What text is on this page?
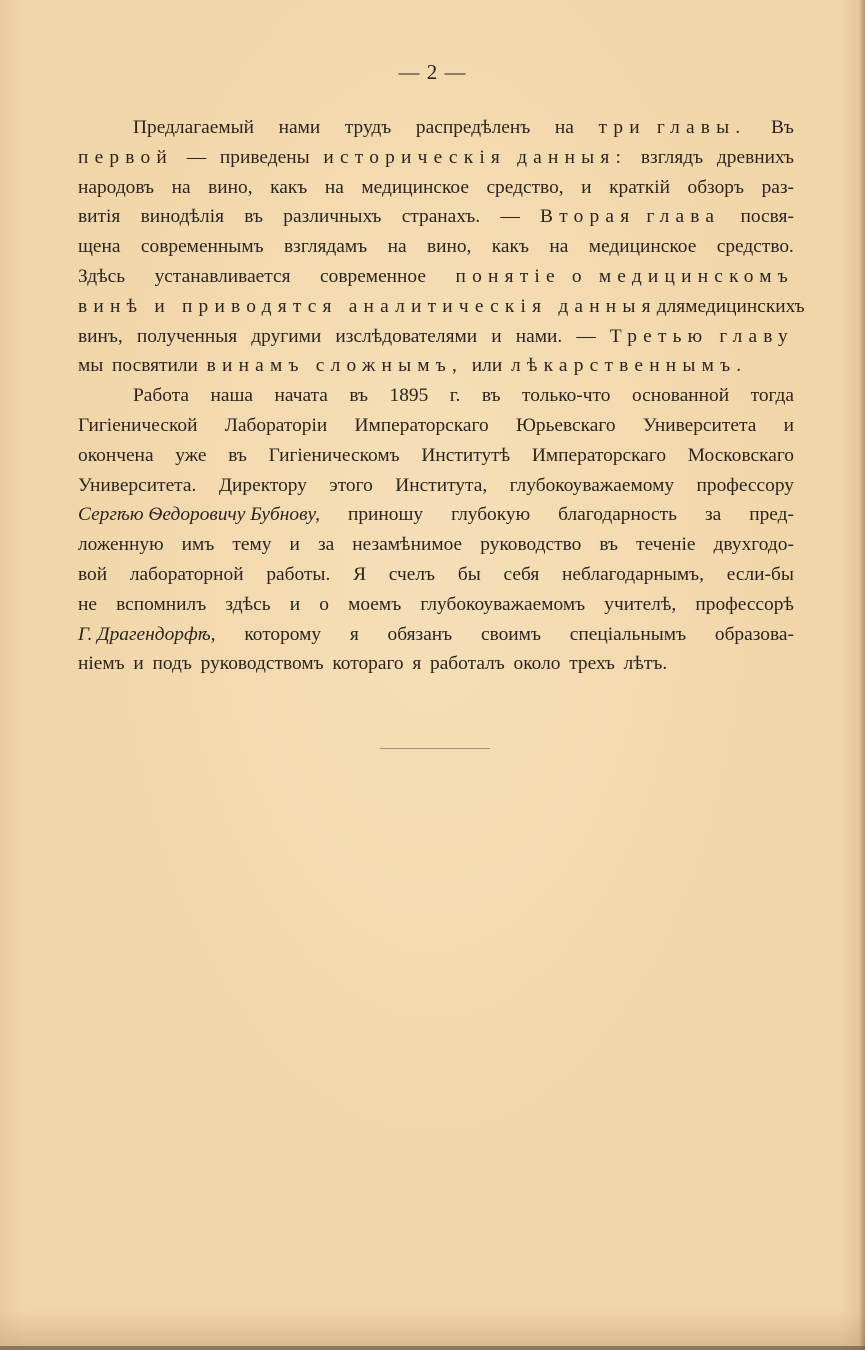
— 2 —
Предлагаемый нами трудъ распредѣленъ на три главы. Въ
первой — приведены историческія данныя: взглядъ древнихъ
народовъ на вино, какъ на медицинское средство, и краткій обзоръ раз-
витія винодѣлія въ различныхъ странахъ. — Вторая глава посвя-
щена современнымъ взглядамъ на вино, какъ на медицинское средство.
Здѣсь устанавливается современное понятіе о медицинскомъ
винѣ и приводятся аналитическія данныя для медицинскихъ
винъ, полученныя другими изслѣдователями и нами. — Третью главу
мы посвятили винамъ сложнымъ, или лѣкарственнымъ.
Работа наша начата въ 1895 г. въ только-что основанной тогда
Гигіенической Лабораторіи Императорскаго Юрьевскаго Университета и
окончена уже въ Гигіеническомъ Институтѣ Императорскаго Московскаго
Университета. Директору этого Института, глубокоуважаемому профессору
Сергѣю Ѳедоровичу Бубнову, приношу глубокую благодарность за пред-
ложенную имъ тему и за незамѣнимое руководство въ теченіе двухгодо-
вой лабораторной работы. Я счелъ бы себя неблагодарнымъ, если-бы
не вспомнилъ здѣсь и о моемъ глубокоуважаемомъ учителѣ, профессорѣ
Г. Драгендорфѣ, которому я обязанъ своимъ спеціальнымъ образова-
ніемъ и подъ руководствомъ котораго я работалъ около трехъ лѣтъ.
